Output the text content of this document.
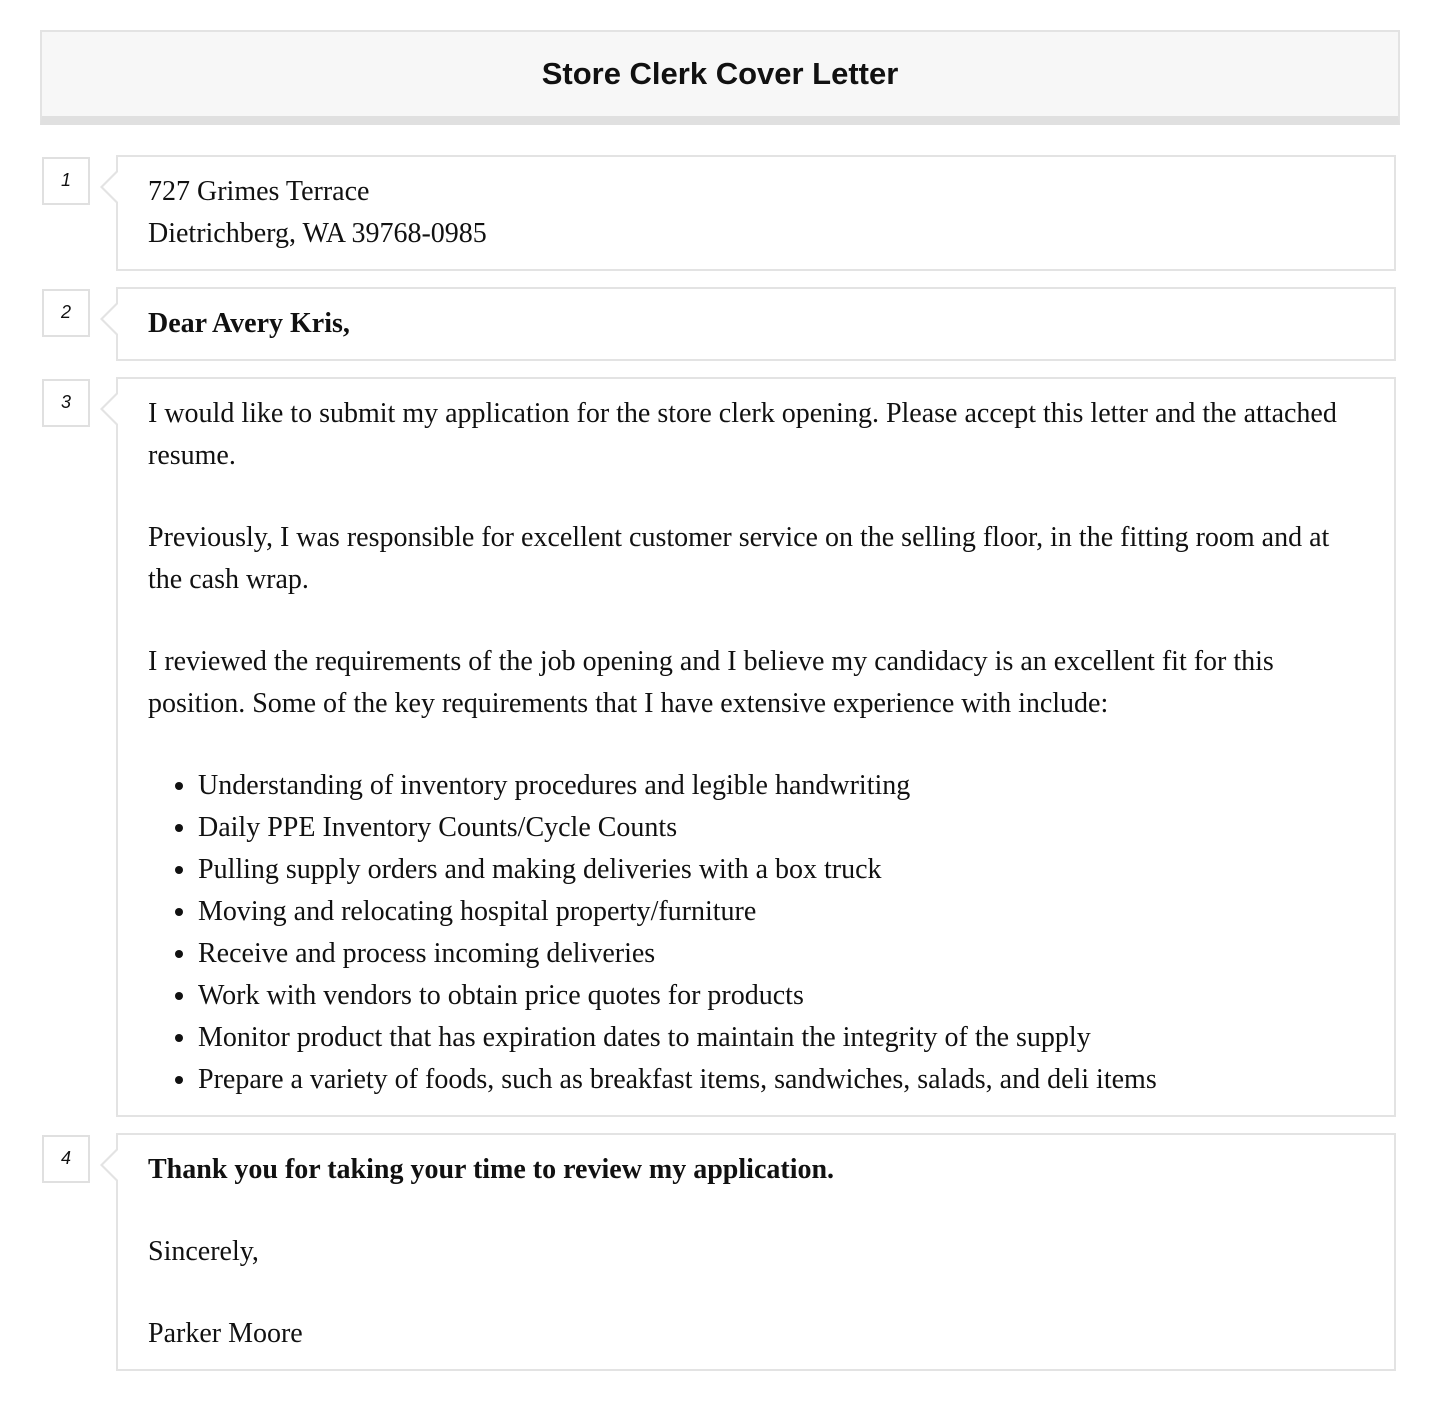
Store Clerk Cover Letter
1	727 Grimes Terrace

Dietrichberg, WA 39768-0985

2	Dear Avery Kris,

3	I would like to submit my application for the store clerk opening. Please accept this letter and the attached resume.

Previously, I was responsible for excellent customer service on the selling floor, in the fitting room and at the cash wrap.

I reviewed the requirements of the job opening and I believe my candidacy is an excellent fit for this position. Some of the key requirements that I have extensive experience with include:

• Understanding of inventory procedures and legible handwriting
• Daily PPE Inventory Counts/Cycle Counts
• Pulling supply orders and making deliveries with a box truck
• Moving and relocating hospital property/furniture
• Receive and process incoming deliveries
• Work with vendors to obtain price quotes for products
• Monitor product that has expiration dates to maintain the integrity of the supply
• Prepare a variety of foods, such as breakfast items, sandwiches, salads, and deli items
4	Thank you for taking your time to review my application.

Sincerely,

Parker Moore
